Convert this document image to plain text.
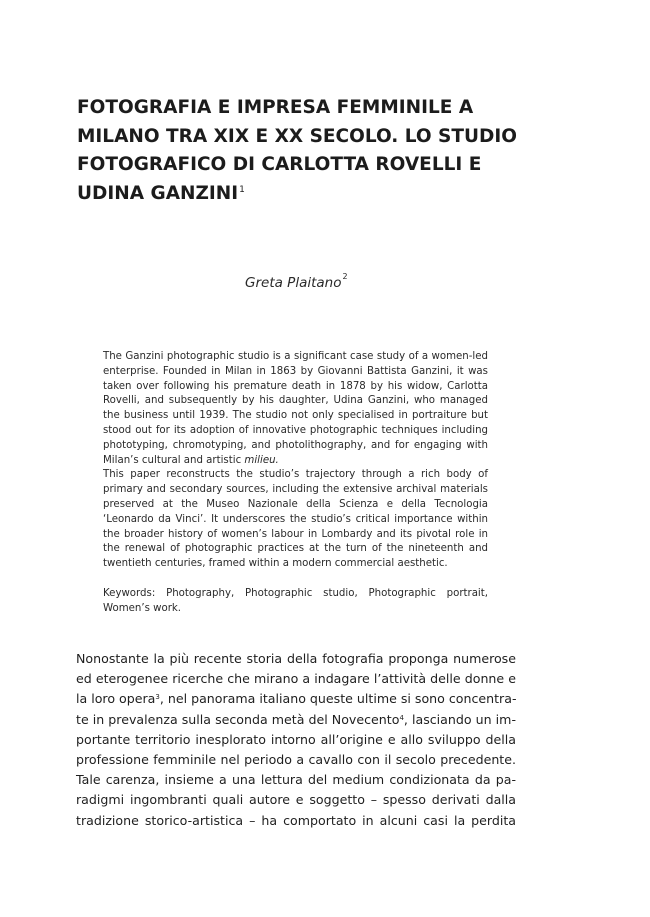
FOTOGRAFIA E IMPRESA FEMMINILE A
MILANO TRA XIX E XX SECOLO. LO STUDIO
FOTOGRAFICO DI CARLOTTA ROVELLI E
UDINA GANZINI$^1$
Greta Plaitano$^2$

The Ganzini photographic studio is a significant case study of a women-led enterprise. Founded in Milan in 1863 by Giovanni Battista Ganzini, it was taken over following his premature death in 1878 by his widow, Carlotta Rovelli, and subsequently by his daughter, Udina Ganzini, who managed the business until 1939. The studio not only specialised in portraiture but stood out for its adoption of innovative photographic techniques including phototyping, chromotyping, and photolithography, and for engaging with Milan’s cultural and artistic milieu.

This paper reconstructs the studio’s trajectory through a rich body of primary and secondary sources, including the extensive archival materials preserved at the Museo Nazionale della Scienza e della Tecnologia ‘Leonardo da Vinci’. It underscores the studio’s critical importance within the broader history of women’s labour in Lombardy and its pivotal role in the renewal of photographic practices at the turn of the nineteenth and twentieth centuries, framed within a modern commercial aesthetic.

Keywords: Photography, Photographic studio, Photographic portrait, Women’s work.

Nonostante la più recente storia della fotografia proponga numerose
ed eterogenee ricerche che mirano a indagare l’attività delle donne e
la loro opera$^3$, nel panorama italiano queste ultime si sono concentra-
te in prevalenza sulla seconda metà del Novecento$^4$, lasciando un im-
portante territorio inesplorato intorno all’origine e allo sviluppo della
professione femminile nel periodo a cavallo con il secolo precedente.
Tale carenza, insieme a una lettura del medium condizionata da pa-
radigmi ingombranti quali autore e soggetto – spesso derivati dalla
tradizione storico-artistica – ha comportato in alcuni casi la perdita
